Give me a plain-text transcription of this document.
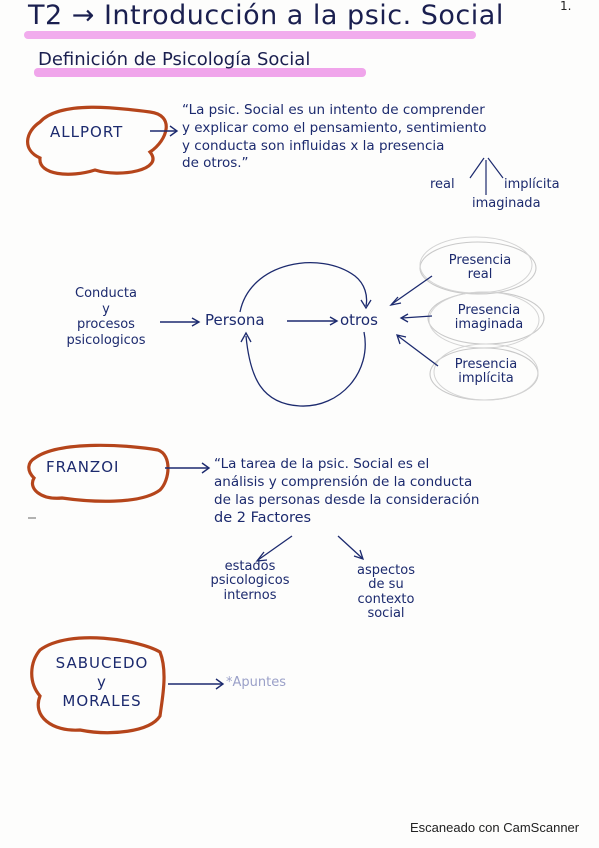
T2 → Introducción a la psic. Social	1.
Definición de Psicología Social
ALLPORT
“La psic. Social es un intento de comprender
y explicar como el pensamiento, sentimiento
y conducta son influidas x la presencia
de otros.”
real	implícita
imaginada
Conducta
y
procesos
psicologicos
Persona	otros
Presencia
real
Presencia
imaginada
Presencia
implícita
FRANZOI	“La tarea de la psic. Social es el
análisis y comprensión de la conducta
de las personas desde la consideración
de 2 Factores
estados
psicologicos
internos
aspectos
de su
contexto
social
SABUCEDO
y
MORALES
*Apuntes
Escaneado con CamScanner
